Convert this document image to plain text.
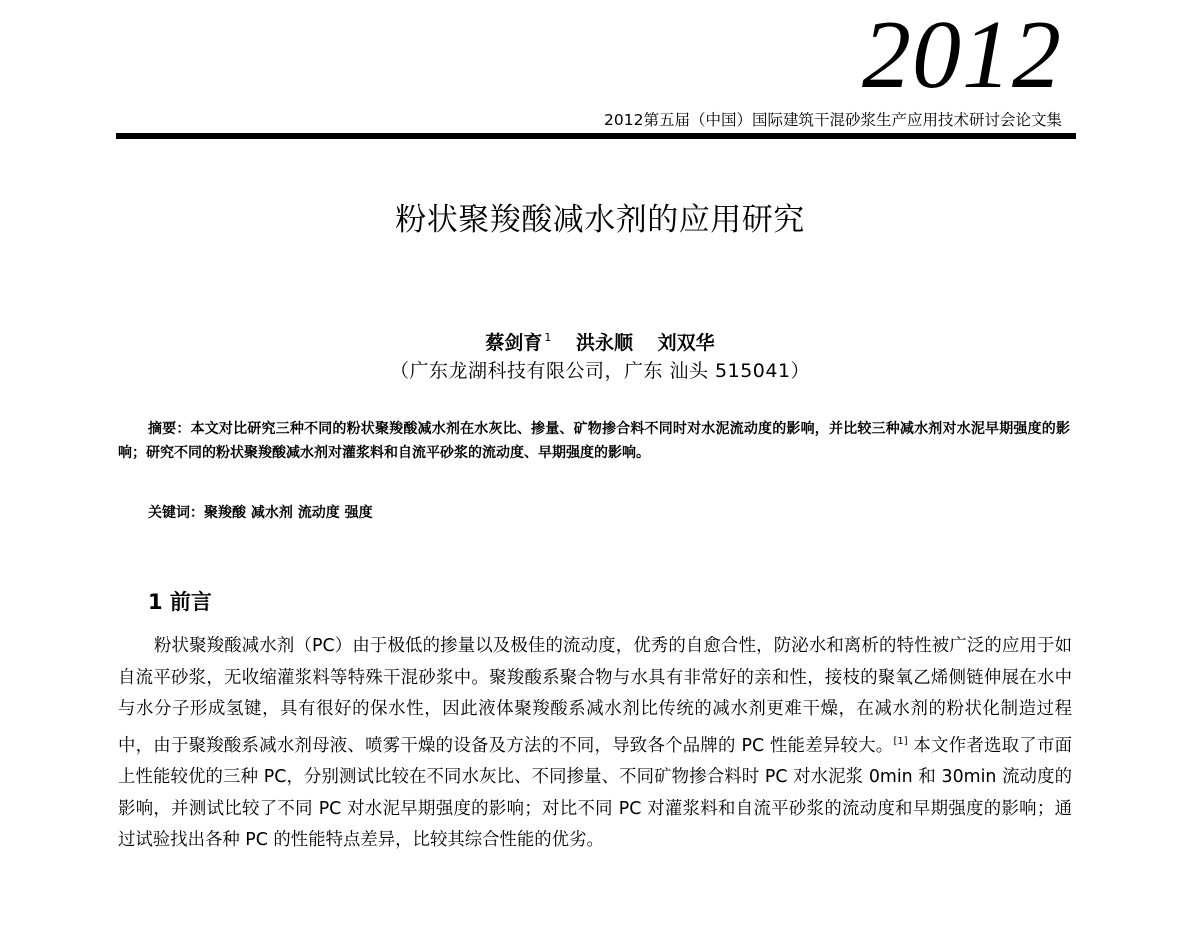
2012
2012第五届（中国）国际建筑干混砂浆生产应用技术研讨会论文集
粉状聚羧酸减水剂的应用研究
蔡剑育 $^1$ 洪永顺 刘双华
（广东龙湖科技有限公司，广东 汕头 515041）

摘要：本文对比研究三种不同的粉状聚羧酸减水剂在水灰比、掺量、矿物掺合料不同时对水泥流动度的影响，并比较三种减水剂对水泥早期强度的影响；研究不同的粉状聚羧酸减水剂对灌浆料和自流平砂浆的流动度、早期强度的影响。

关键词：聚羧酸 减水剂 流动度 强度

1 前言

粉状聚羧酸减水剂（PC）由于极低的掺量以及极佳的流动度，优秀的自愈合性，防泌水和离析的特性被广泛的应用于如自流平砂浆，无收缩灌浆料等特殊干混砂浆中。聚羧酸系聚合物与水具有非常好的亲和性，接枝的聚氧乙烯侧链伸展在水中与水分子形成氢键，具有很好的保水性，因此液体聚羧酸系减水剂比传统的减水剂更难干燥，在减水剂的粉状化制造过程中，由于聚羧酸系减水剂母液、喷雾干燥的设备及方法的不同，导致各个品牌的 PC 性能差异较大。[1] 本文作者选取了市面上性能较优的三种 PC，分别测试比较在不同水灰比、不同掺量、不同矿物掺合料时 PC 对水泥浆 0min 和 30min 流动度的影响，并测试比较了不同 PC 对水泥早期强度的影响；对比不同 PC 对灌浆料和自流平砂浆的流动度和早期强度的影响；通过试验找出各种 PC 的性能特点差异，比较其综合性能的优劣。
